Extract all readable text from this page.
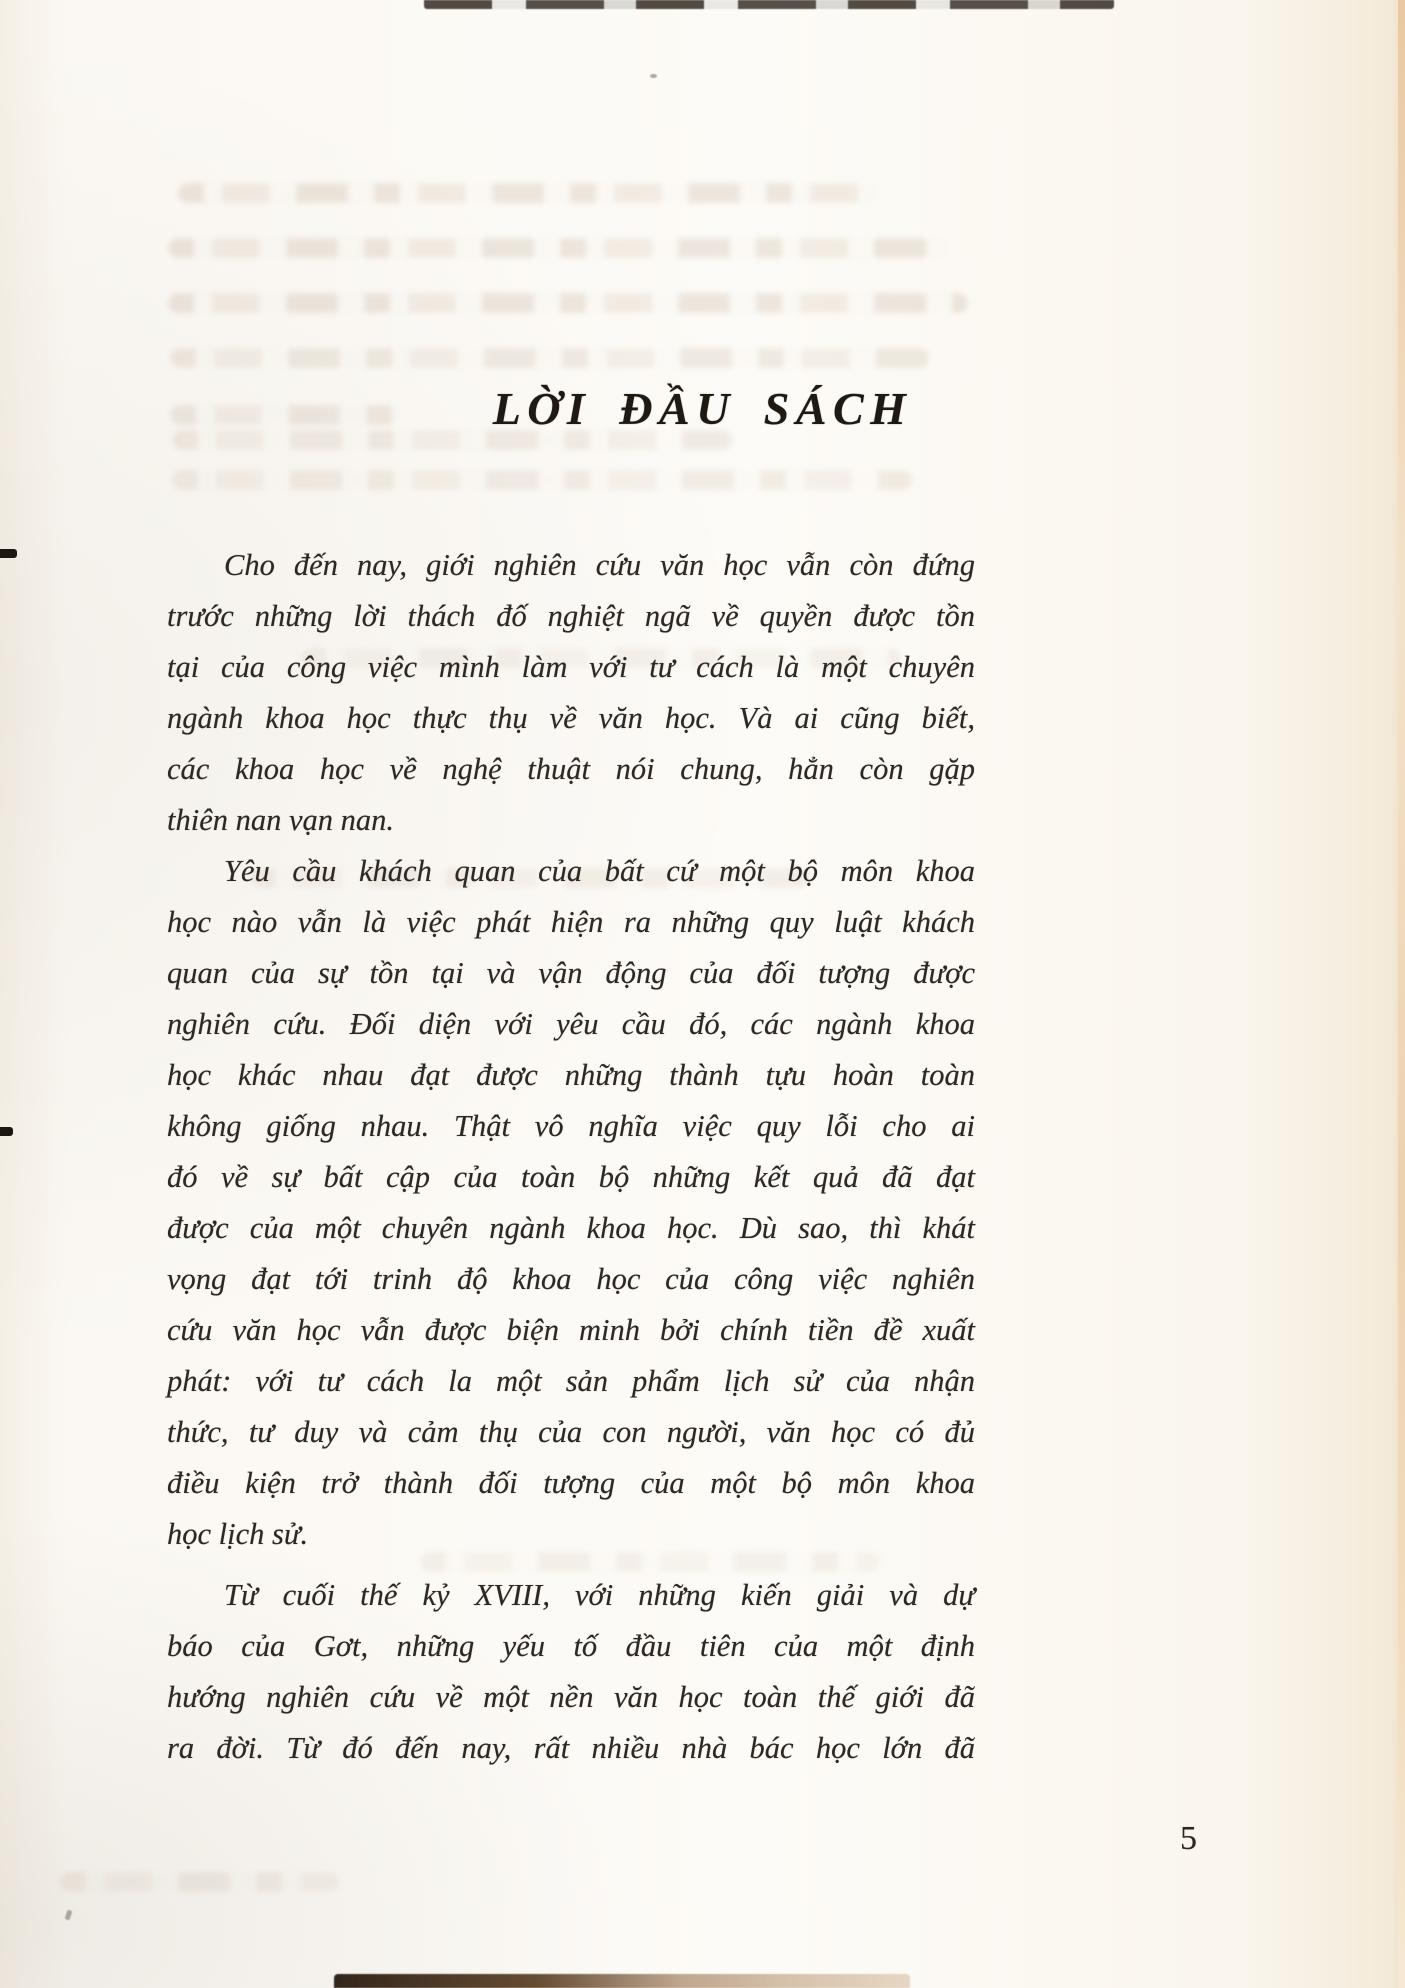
LỜI ĐẦU SÁCH
Cho đến nay, giới nghiên cứu văn học vẫn còn đứng
trước những lời thách đố nghiệt ngã về quyền được tồn
tại của công việc mình làm với tư cách là một chuyên
ngành khoa học thực thụ về văn học. Và ai cũng biết,
các khoa học về nghệ thuật nói chung, hẳn còn gặp
thiên nan vạn nan.
Yêu cầu khách quan của bất cứ một bộ môn khoa
học nào vẫn là việc phát hiện ra những quy luật khách
quan của sự tồn tại và vận động của đối tượng được
nghiên cứu. Đối diện với yêu cầu đó, các ngành khoa
học khác nhau đạt được những thành tựu hoàn toàn
không giống nhau. Thật vô nghĩa việc quy lỗi cho ai
đó về sự bất cập của toàn bộ những kết quả đã đạt
được của một chuyên ngành khoa học. Dù sao, thì khát
vọng đạt tới trinh độ khoa học của công việc nghiên
cứu văn học vẫn được biện minh bởi chính tiền đề xuất
phát: với tư cách la một sản phẩm lịch sử của nhận
thức, tư duy và cảm thụ của con người, văn học có đủ
điều kiện trở thành đối tượng của một bộ môn khoa
học lịch sử.
Từ cuối thế kỷ XVIII, với những kiến giải và dự
báo của Gơt, những yếu tố đầu tiên của một định
hướng nghiên cứu về một nền văn học toàn thế giới đã
ra đời. Từ đó đến nay, rất nhiều nhà bác học lớn đã
5
